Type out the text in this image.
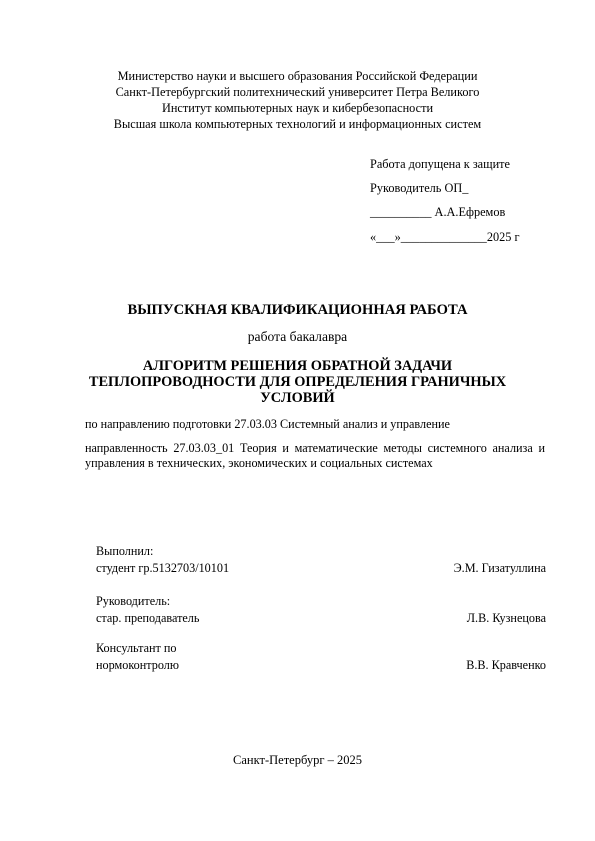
Министерство науки и высшего образования Российской Федерации
Санкт-Петербургский политехнический университет Петра Великого
Институт компьютерных наук и кибербезопасности
Высшая школа компьютерных технологий и информационных систем
Работа допущена к защите
Руководитель ОП_
__________ А.А.Ефремов
«___»______________2025 г
ВЫПУСКНАЯ КВАЛИФИКАЦИОННАЯ РАБОТА
работа бакалавра
АЛГОРИТМ РЕШЕНИЯ ОБРАТНОЙ ЗАДАЧИ ТЕПЛОПРОВОДНОСТИ ДЛЯ ОПРЕДЕЛЕНИЯ ГРАНИЧНЫХ УСЛОВИЙ
по направлению подготовки 27.03.03 Системный анализ и управление
направленность 27.03.03_01 Теория и математические методы системного анализа и управления в технических, экономических и социальных системах
Выполнил:
студент гр.5132703/10101	Э.М. Гизатуллина
Руководитель:
стар. преподаватель	Л.В. Кузнецова
Консультант по
нормоконтролю	В.В. Кравченко
Санкт-Петербург – 2025
